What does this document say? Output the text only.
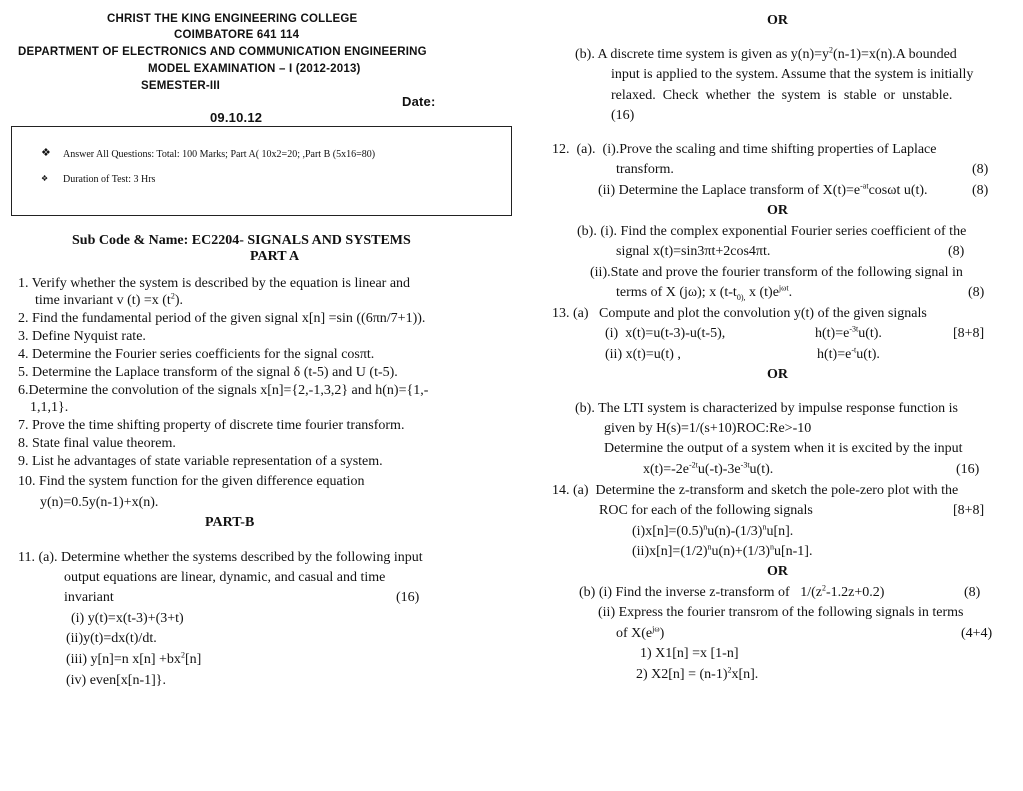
CHRIST THE KING ENGINEERING COLLEGE
COIMBATORE 641 114
DEPARTMENT OF ELECTRONICS AND COMMUNICATION ENGINEERING
MODEL EXAMINATION – I (2012-2013)
SEMESTER-III
Date:
09.10.12
❖ Answer All Questions: Total: 100 Marks; Part A( 10x2=20; ,Part B (5x16=80)
❖ Duration of Test: 3 Hrs
Sub Code & Name: EC2204- SIGNALS AND SYSTEMS
PART A
1. Verify whether the system is described by the equation is linear and
time invariant v (t) =x $(t^2)$.
2. Find the fundamental period of the given signal x[n] =sin ((6πn/7+1)).
3. Define Nyquist rate.
4. Determine the Fourier series coefficients for the signal cosπt.
5. Determine the Laplace transform of the signal δ (t-5) and U (t-5).
6.Determine the convolution of the signals x[n]={2,-1,3,2} and h(n)={1,-
1,1,1}.
7. Prove the time shifting property of discrete time fourier transform.
8. State final value theorem.
9. List he advantages of state variable representation of a system.
10. Find the system function for the given difference equation
y(n)=0.5y(n-1)+x(n).
PART-B
11. (a). Determine whether the systems described by the following input
output equations are linear, dynamic, and casual and time
invariant	(16)
(i) y(t)=x(t-3)+(3+t)
(ii)y(t)=dx(t)/dt.
(iii) y[n]=n $x[n] +bx^2[n]$
(iv) even[x[n-1]}.
OR
(b). A discrete time system is given as $y(n)=y^2(n-1)=x(n).A$ bounded
input is applied to the system. Assume that the system is initially
relaxed.  Check  whether  the  system  is  stable  or  unstable.
(16)
12.  (a).  (i).Prove the scaling and time shifting properties of Laplace
transform.	(8)
(ii) Determine the Laplace transform of $X(t)=e^{-at}\cos\omega t$ u(t).	(8)
OR
(b). (i). Find the complex exponential Fourier series coefficient of the
signal x(t)=sin3πt+2cos4πt.	(8)
(ii).State and prove the fourier transform of the following signal in
terms of X (jω); x ($t-t_{0),}$ x $(t)e^{j\omega t}$.	(8)
13. (a)   Compute and plot the convolution y(t) of the given signals
(i)  x(t)=u(t-3)-u(t-5),	$h(t)=e^{-3t}u(t)$.	[8+8]
(ii) x(t)=u(t) ,	$h(t)=e^{-t}u(t)$.
OR
(b). The LTI system is characterized by impulse response function is
given by H(s)=1/(s+10)ROC:Re>-10
Determine the output of a system when it is excited by the input
$x(t)=-2e^{-2t}u(-t)-3e^{-3t}u(t)$.	(16)
14. (a)  Determine the z-transform and sketch the pole-zero plot with the
ROC for each of the following signals	[8+8]
$(i)x[n]=(0.5)^nu(n)-(1/3)^nu[n]$.
$(ii)x[n]=(1/2)^nu(n)+(1/3)^nu[n-1]$.
OR
(b) (i) Find the inverse z-transform of   $1/(z^2-1.2z+0.2)$	(8)
(ii) Express the fourier transrom of the following signals in terms
of $X(e^{j\omega})$	(4+4)
1) X1[n] =x [1-n]
2) $X2[n] = (n-1)^2x[n]$.
